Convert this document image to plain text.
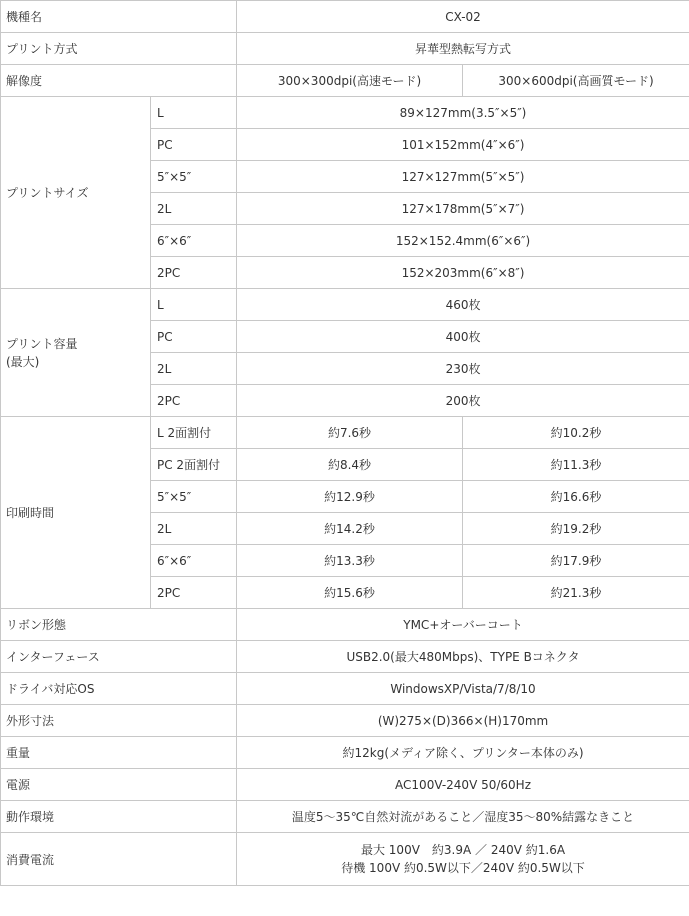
機種名		CX-02	
プリント方式		昇華型熱転写方式	
解像度		300×300dpi(高速モード)	300×600dpi(高画質モード)
プリントサイズ	L	89×127mm(3.5″×5″)	
	PC	101×152mm(4″×6″)	
	5″×5″	127×127mm(5″×5″)	
	2L	127×178mm(5″×7″)	
	6″×6″	152×152.4mm(6″×6″)	
	2PC	152×203mm(6″×8″)	

プリント容量
(最大)	L	460枚	
	PC	400枚	
	2L	230枚	
	2PC	200枚	
印刷時間	L 2面割付	約7.6秒	約10.2秒
	PC 2面割付	約8.4秒	約11.3秒
	5″×5″	約12.9秒	約16.6秒
	2L	約14.2秒	約19.2秒
	6″×6″	約13.3秒	約17.9秒
	2PC	約15.6秒	約21.3秒
リボン形態		YMC+オーバーコート	
インターフェース		USB2.0(最大480Mbps)、TYPE Bコネクタ	
ドライバ対応OS		WindowsXP/Vista/7/8/10	
外形寸法		(W)275×(D)366×(H)170mm	
重量		約12kg(メディア除く、プリンター本体のみ)	
電源		AC100V-240V 50/60Hz	
動作環境		温度5～35℃自然対流があること／湿度35～80%結露なきこと	
消費電流		最大 100V　約3.9A ／ 240V 約1.6A
待機 100V 約0.5W以下／240V 約0.5W以下	
